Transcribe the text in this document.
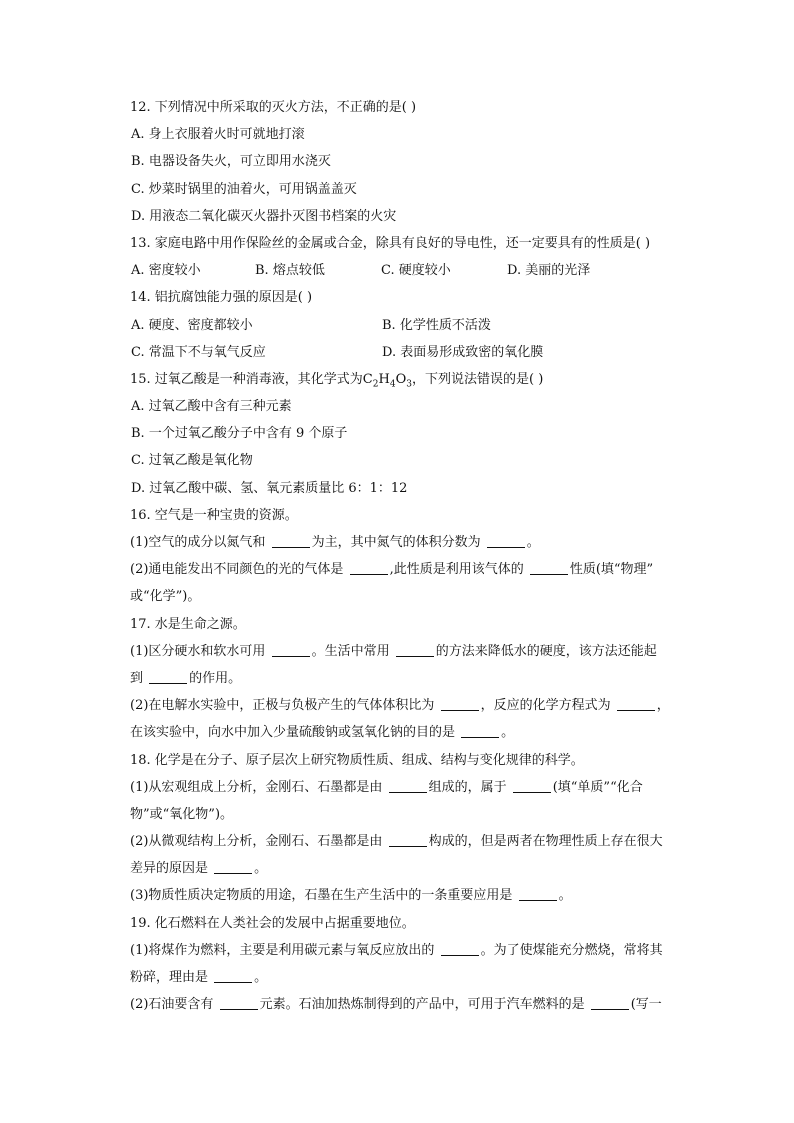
12. 下列情况中所采取的灭火方法，不正确的是( )
A. 身上衣服着火时可就地打滚
B. 电器设备失火，可立即用水浇灭
C. 炒菜时锅里的油着火，可用锅盖盖灭
D. 用液态二氧化碳灭火器扑灭图书档案的火灾
13. 家庭电路中用作保险丝的金属或合金，除具有良好的导电性，还一定要具有的性质是( )
A. 密度较小	B. 熔点较低	C. 硬度较小	D. 美丽的光泽
14. 铝抗腐蚀能力强的原因是( )
A. 硬度、密度都较小	B. 化学性质不活泼
C. 常温下不与氧气反应	D. 表面易形成致密的氧化膜
15. 过氧乙酸是一种消毒液，其化学式为$C_2H_4O_3$，下列说法错误的是( )
A. 过氧乙酸中含有三种元素
B. 一个过氧乙酸分子中含有 9 个原子
C. 过氧乙酸是氧化物
D. 过氧乙酸中碳、氢、氧元素质量比 6：1：12
16. 空气是一种宝贵的资源。
(1)空气的成分以氮气和	为主，其中氮气的体积分数为	。
(2)通电能发出不同颜色的光的气体是	,此性质是利用该气体的	性质(填“物理”
或“化学”)。
17. 水是生命之源。
(1)区分硬水和软水可用	。生活中常用	的方法来降低水的硬度，该方法还能起
到	的作用。
(2)在电解水实验中，正极与负极产生的气体体积比为	，反应的化学方程式为	，
在该实验中，向水中加入少量硫酸钠或氢氧化钠的目的是	。
18. 化学是在分子、原子层次上研究物质性质、组成、结构与变化规律的科学。
(1)从宏观组成上分析，金刚石、石墨都是由	组成的，属于	(填“单质”“化合
物”或“氧化物”)。
(2)从微观结构上分析，金刚石、石墨都是由	构成的，但是两者在物理性质上存在很大
差异的原因是	。
(3)物质性质决定物质的用途，石墨在生产生活中的一条重要应用是	。
19. 化石燃料在人类社会的发展中占据重要地位。
(1)将煤作为燃料，主要是利用碳元素与氧反应放出的	。为了使煤能充分燃烧，常将其
粉碎，理由是	。
(2)石油要含有	元素。石油加热炼制得到的产品中，可用于汽车燃料的是	(写一
